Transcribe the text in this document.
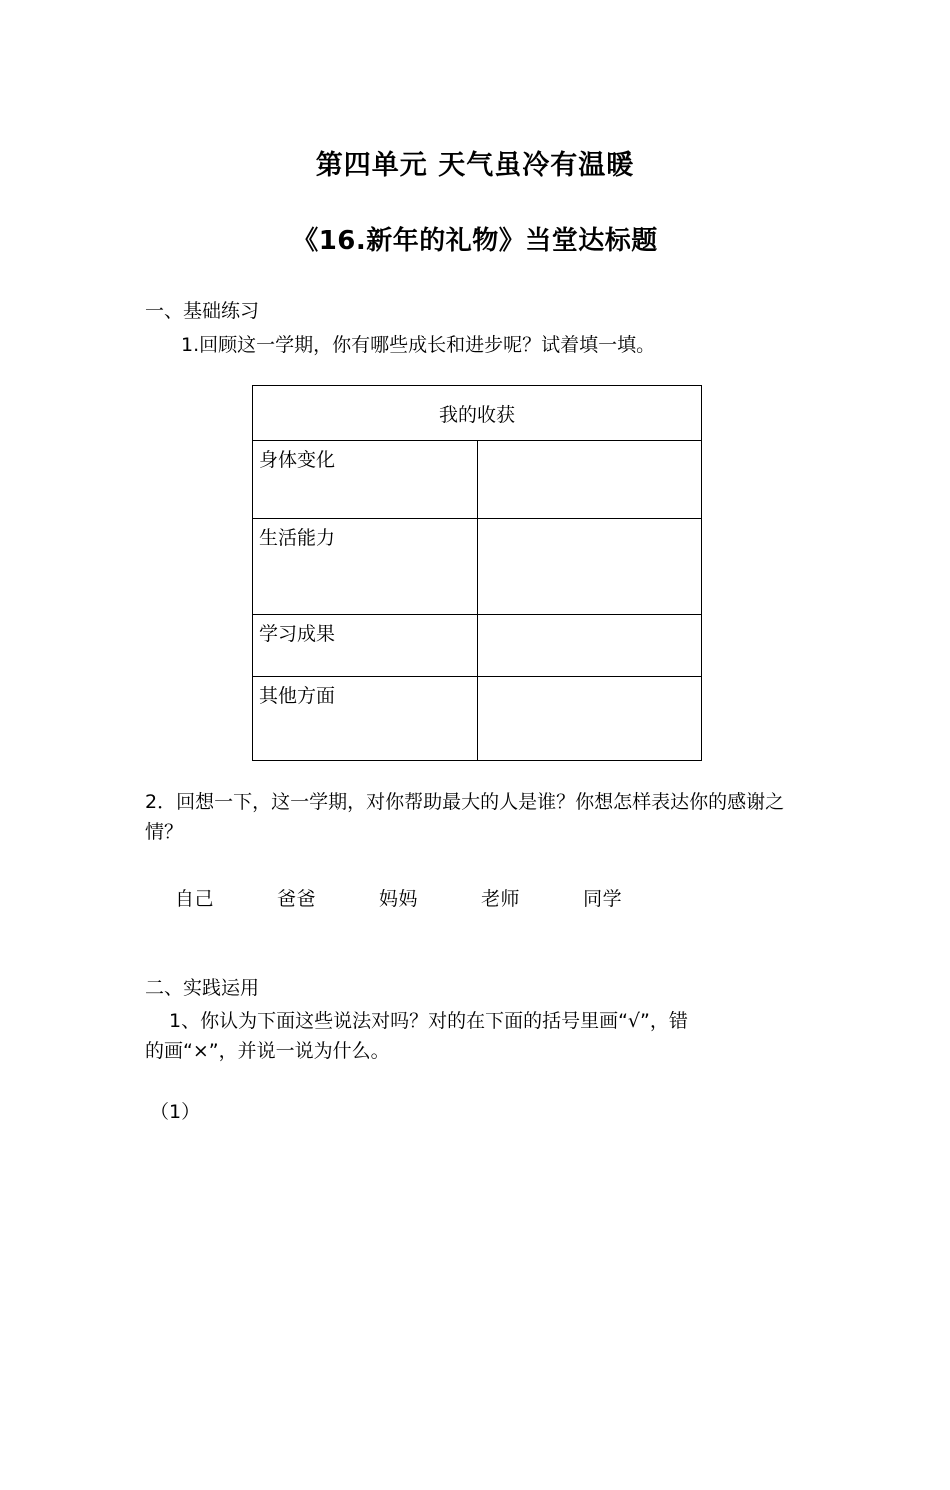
第四单元 天气虽冷有温暖
《16.新年的礼物》当堂达标题
一、基础练习
1.回顾这一学期，你有哪些成长和进步呢？试着填一填。
我的收获	
身体变化	
生活能力	
学习成果	
其他方面	
2．回想一下，这一学期，对你帮助最大的人是谁？你想怎样表达你的感谢之情？
自己	爸爸	妈妈	老师	同学
二、实践运用
1、你认为下面这些说法对吗？对的在下面的括号里画“√”，错
的画“×”，并说一说为什么。
（1）
